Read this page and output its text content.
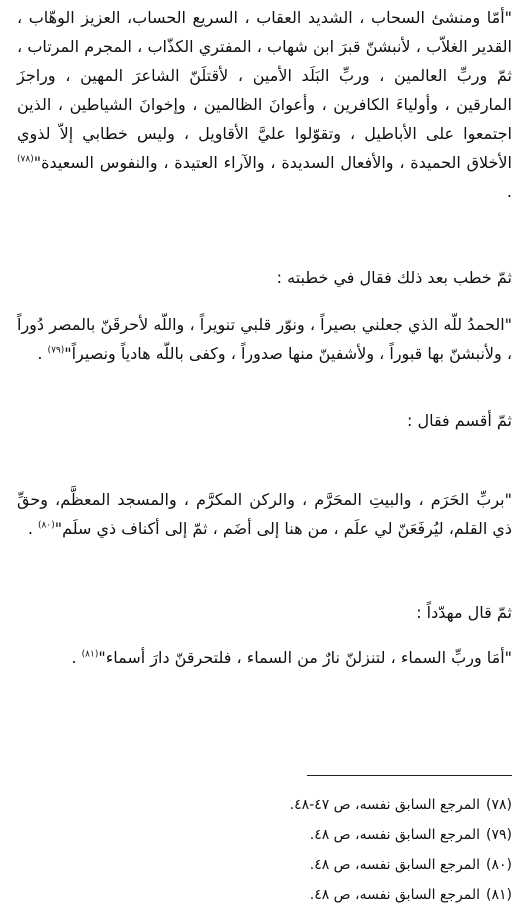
"أمّا ومنشئ السحاب ، الشديد العقاب ، السريع الحساب، العزيز الوهّاب ، القدير الغلاّب ، لأنبشنّ قبرَ ابن شهاب ، المفتري الكذّاب ، المجرم المرتاب ، ثمّ وربِّ العالمين ، وربِّ البَلَد الأمين ، لأقتلَنّ الشاعرَ المهين ، وراجزَ المارقين ، وأولياءَ الكافرين ، وأعوانَ الظالمين ، وإخوانَ الشياطين ، الذين اجتمعوا على الأباطيل ، وتقوّلوا عليَّ الأقاويل ، وليس خطابي إلاّ لذوي الأخلاق الحميدة ، والأفعال السديدة ، والآراء العتيدة ، والنفوس السعيدة"$^{(٧٨)}$ .

ثمّ خطب بعد ذلك فقال في خطبته :

"الحمدُ للّه الذي جعلني بصيراً ، ونوّر قلبي تنويراً ، واللّه لأحرقَنّ بالمصر دُوراً ، ولأنبشنّ بها قبوراً ، ولأشفينّ منها صدوراً ، وكفى باللّه هادياً ونصيراً"$^{(٧٩)}$ .

ثمّ أقسم فقال :

"بربِّ الحَرَم ، والبيتِ المحَرَّم ، والركن المكرَّم ، والمسجد المعظَّم، وحقِّ ذي القلم، ليُرفَعَنّ لي علَم ، من هنا إلى أضَم ، ثمّ إلى أكناف ذي سلَم"$^{(٨٠)}$ .

ثمّ قال مهدّداً :

"أمَا وربِّ السماء ، لتنزلنّ نارٌ من السماء ، فلتحرقنّ دارَ أسماء"$^{(٨١)}$ .

(٧٨)المرجع السابق نفسه، ص ٤٧-٤٨.
(٧٩)المرجع السابق نفسه، ص ٤٨.
(٨٠)المرجع السابق نفسه، ص ٤٨.
(٨١)المرجع السابق نفسه، ص ٤٨.
